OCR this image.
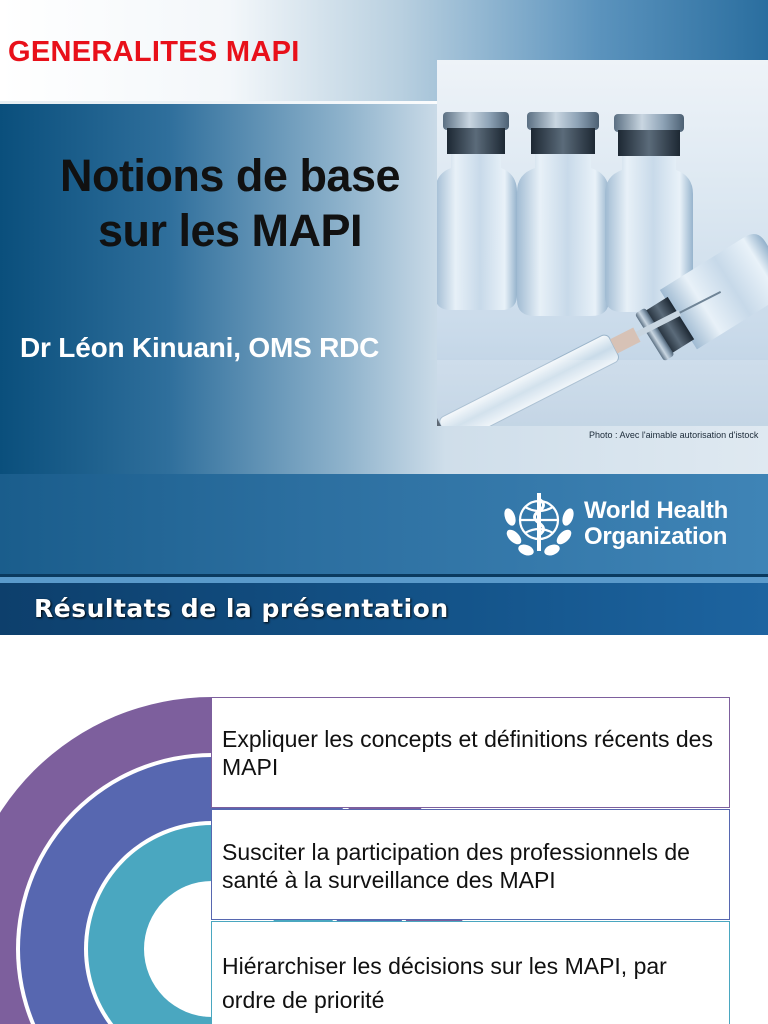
GENERALITES MAPI
Notions de base
sur les MAPI
Dr Léon Kinuani, OMS RDC
Photo : Avec l'aimable autorisation d'istock
World Health
Organization
Résultats de la présentation
Expliquer les concepts et définitions récents des MAPI
Susciter la participation des professionnels de santé à la surveillance des MAPI
Hiérarchiser les décisions sur les MAPI, par ordre de priorité
